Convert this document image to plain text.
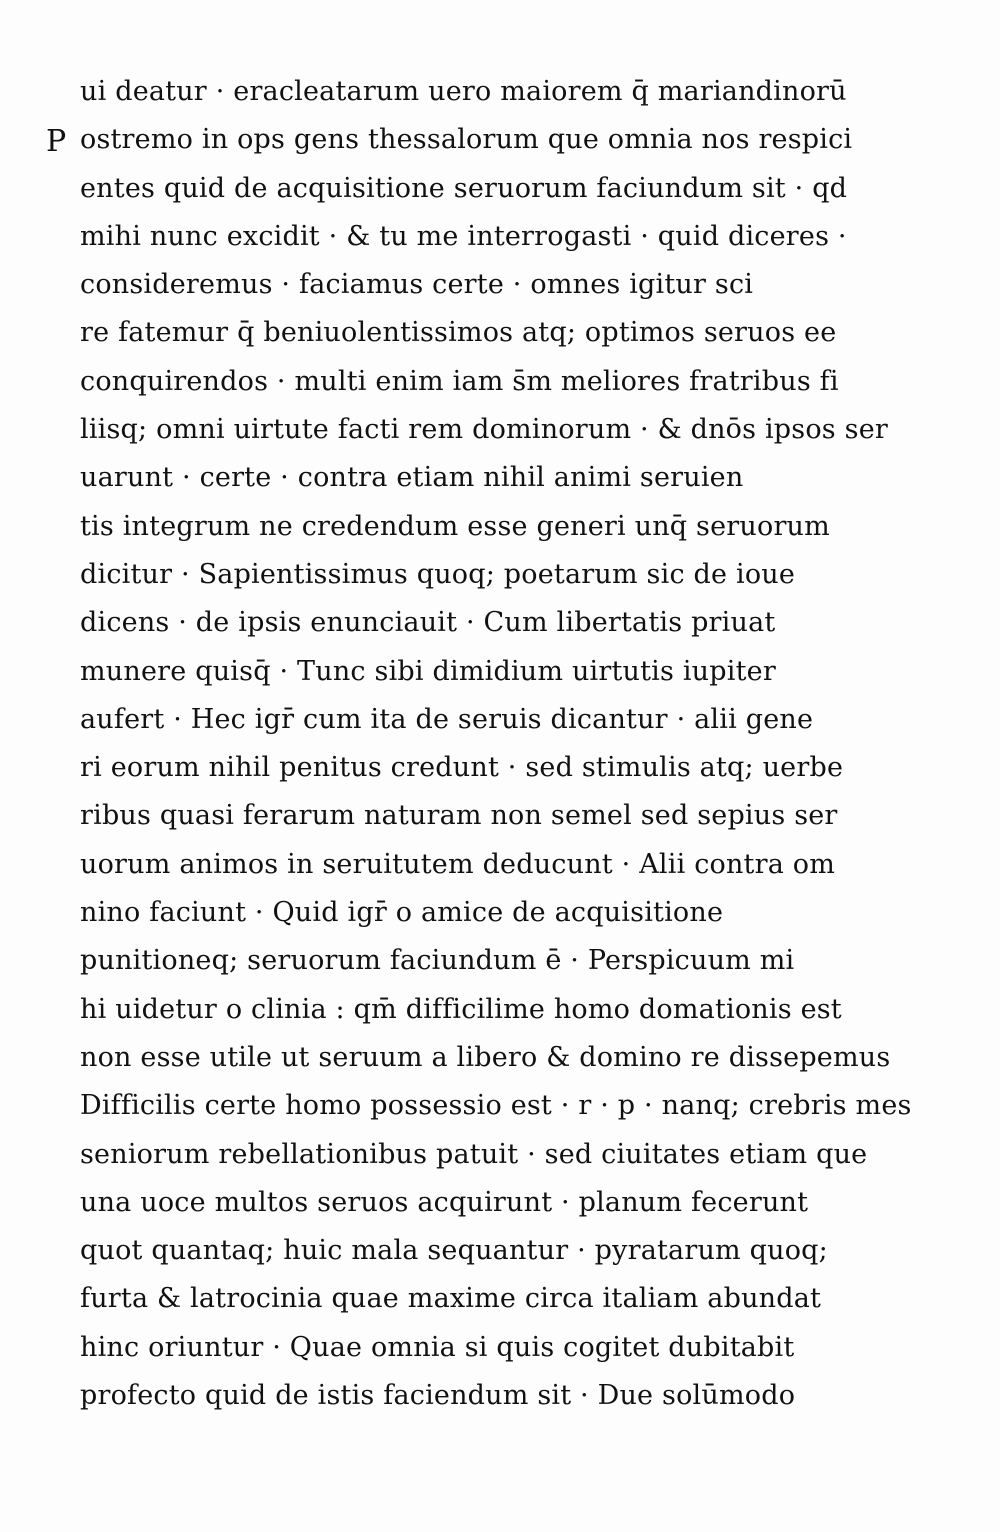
P
ui deatur · eracleatarum uero maiorem q̄ mariandinorū
ostremo in ops gens thessalorum que omnia nos respici
entes quid de acquisitione seruorum faciundum sit · qd
mihi nunc excidit · & tu me interrogasti · quid diceres ·
consideremus · faciamus certe · omnes igitur sci
re fatemur q̄ beniuolentissimos atq; optimos seruos ee
conquirendos · multi enim iam s̄m meliores fratribus fi
liisq; omni uirtute facti rem dominorum · & dnōs ipsos ser
uarunt · certe · contra etiam nihil animi seruien
tis integrum ne credendum esse generi unq̄ seruorum
dicitur · Sapientissimus quoq; poetarum sic de ioue
dicens · de ipsis enunciauit · Cum libertatis priuat
munere quisq̄ · Tunc sibi dimidium uirtutis iupiter
aufert · Hec igr̄ cum ita de seruis dicantur · alii gene
ri eorum nihil penitus credunt · sed stimulis atq; uerbe
ribus quasi ferarum naturam non semel sed sepius ser
uorum animos in seruitutem deducunt · Alii contra om
nino faciunt · Quid igr̄ o amice de acquisitione
punitioneq; seruorum faciundum ē · Perspicuum mi
hi uidetur o clinia : qm̄ difficilime homo domationis est
non esse utile ut seruum a libero & domino re dissepemus
Difficilis certe homo possessio est · r · p · nanq; crebris mes
seniorum rebellationibus patuit · sed ciuitates etiam que
una uoce multos seruos acquirunt · planum fecerunt
quot quantaq; huic mala sequantur · pyratarum quoq;
furta & latrocinia quae maxime circa italiam abundat
hinc oriuntur · Quae omnia si quis cogitet dubitabit
profecto quid de istis faciendum sit · Due solūmodo
